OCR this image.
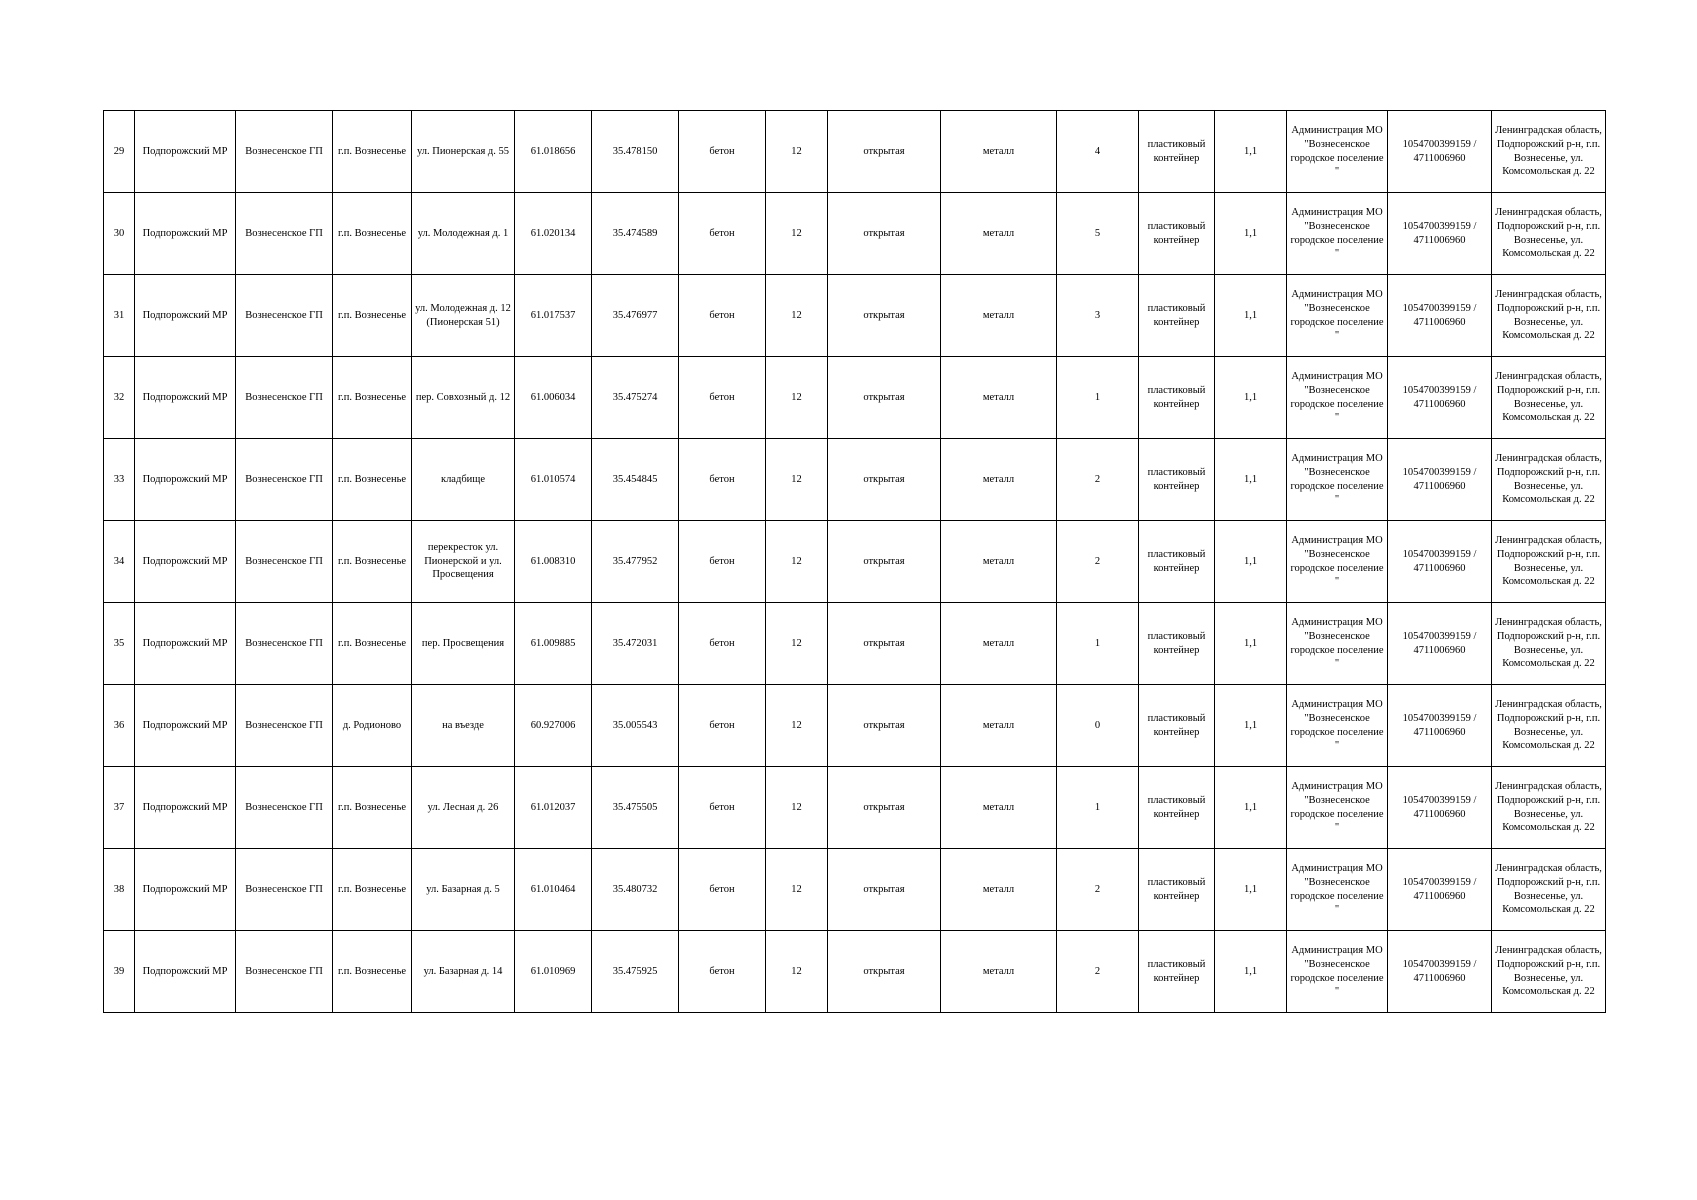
29	Подпорожский МР	Вознесенское ГП	г.п. Вознесенье	ул. Пионерская д. 55	61.018656	35.478150	бетон	12	открытая	металл	4	пластиковый контейнер	1,1	Администрация МО "Вознесенское городское поселение "	1054700399159 / 4711006960	Ленинградская область, Подпорожский р-н, г.п. Вознесенье, ул. Комсомольская д. 22
30	Подпорожский МР	Вознесенское ГП	г.п. Вознесенье	ул. Молодежная д. 1	61.020134	35.474589	бетон	12	открытая	металл	5	пластиковый контейнер	1,1	Администрация МО "Вознесенское городское поселение "	1054700399159 / 4711006960	Ленинградская область, Подпорожский р-н, г.п. Вознесенье, ул. Комсомольская д. 22
31	Подпорожский МР	Вознесенское ГП	г.п. Вознесенье	ул. Молодежная д. 12 (Пионерская 51)	61.017537	35.476977	бетон	12	открытая	металл	3	пластиковый контейнер	1,1	Администрация МО "Вознесенское городское поселение "	1054700399159 / 4711006960	Ленинградская область, Подпорожский р-н, г.п. Вознесенье, ул. Комсомольская д. 22
32	Подпорожский МР	Вознесенское ГП	г.п. Вознесенье	пер. Совхозный д. 12	61.006034	35.475274	бетон	12	открытая	металл	1	пластиковый контейнер	1,1	Администрация МО "Вознесенское городское поселение "	1054700399159 / 4711006960	Ленинградская область, Подпорожский р-н, г.п. Вознесенье, ул. Комсомольская д. 22
33	Подпорожский МР	Вознесенское ГП	г.п. Вознесенье	кладбище	61.010574	35.454845	бетон	12	открытая	металл	2	пластиковый контейнер	1,1	Администрация МО "Вознесенское городское поселение "	1054700399159 / 4711006960	Ленинградская область, Подпорожский р-н, г.п. Вознесенье, ул. Комсомольская д. 22
34	Подпорожский МР	Вознесенское ГП	г.п. Вознесенье	перекресток ул. Пионерской и ул. Просвещения	61.008310	35.477952	бетон	12	открытая	металл	2	пластиковый контейнер	1,1	Администрация МО "Вознесенское городское поселение "	1054700399159 / 4711006960	Ленинградская область, Подпорожский р-н, г.п. Вознесенье, ул. Комсомольская д. 22
35	Подпорожский МР	Вознесенское ГП	г.п. Вознесенье	пер. Просвещения	61.009885	35.472031	бетон	12	открытая	металл	1	пластиковый контейнер	1,1	Администрация МО "Вознесенское городское поселение "	1054700399159 / 4711006960	Ленинградская область, Подпорожский р-н, г.п. Вознесенье, ул. Комсомольская д. 22
36	Подпорожский МР	Вознесенское ГП	д. Родионово	на въезде	60.927006	35.005543	бетон	12	открытая	металл	0	пластиковый контейнер	1,1	Администрация МО "Вознесенское городское поселение "	1054700399159 / 4711006960	Ленинградская область, Подпорожский р-н, г.п. Вознесенье, ул. Комсомольская д. 22
37	Подпорожский МР	Вознесенское ГП	г.п. Вознесенье	ул. Лесная д. 26	61.012037	35.475505	бетон	12	открытая	металл	1	пластиковый контейнер	1,1	Администрация МО "Вознесенское городское поселение "	1054700399159 / 4711006960	Ленинградская область, Подпорожский р-н, г.п. Вознесенье, ул. Комсомольская д. 22
38	Подпорожский МР	Вознесенское ГП	г.п. Вознесенье	ул. Базарная д. 5	61.010464	35.480732	бетон	12	открытая	металл	2	пластиковый контейнер	1,1	Администрация МО "Вознесенское городское поселение "	1054700399159 / 4711006960	Ленинградская область, Подпорожский р-н, г.п. Вознесенье, ул. Комсомольская д. 22
39	Подпорожский МР	Вознесенское ГП	г.п. Вознесенье	ул. Базарная д. 14	61.010969	35.475925	бетон	12	открытая	металл	2	пластиковый контейнер	1,1	Администрация МО "Вознесенское городское поселение "	1054700399159 / 4711006960	Ленинградская область, Подпорожский р-н, г.п. Вознесенье, ул. Комсомольская д. 22
